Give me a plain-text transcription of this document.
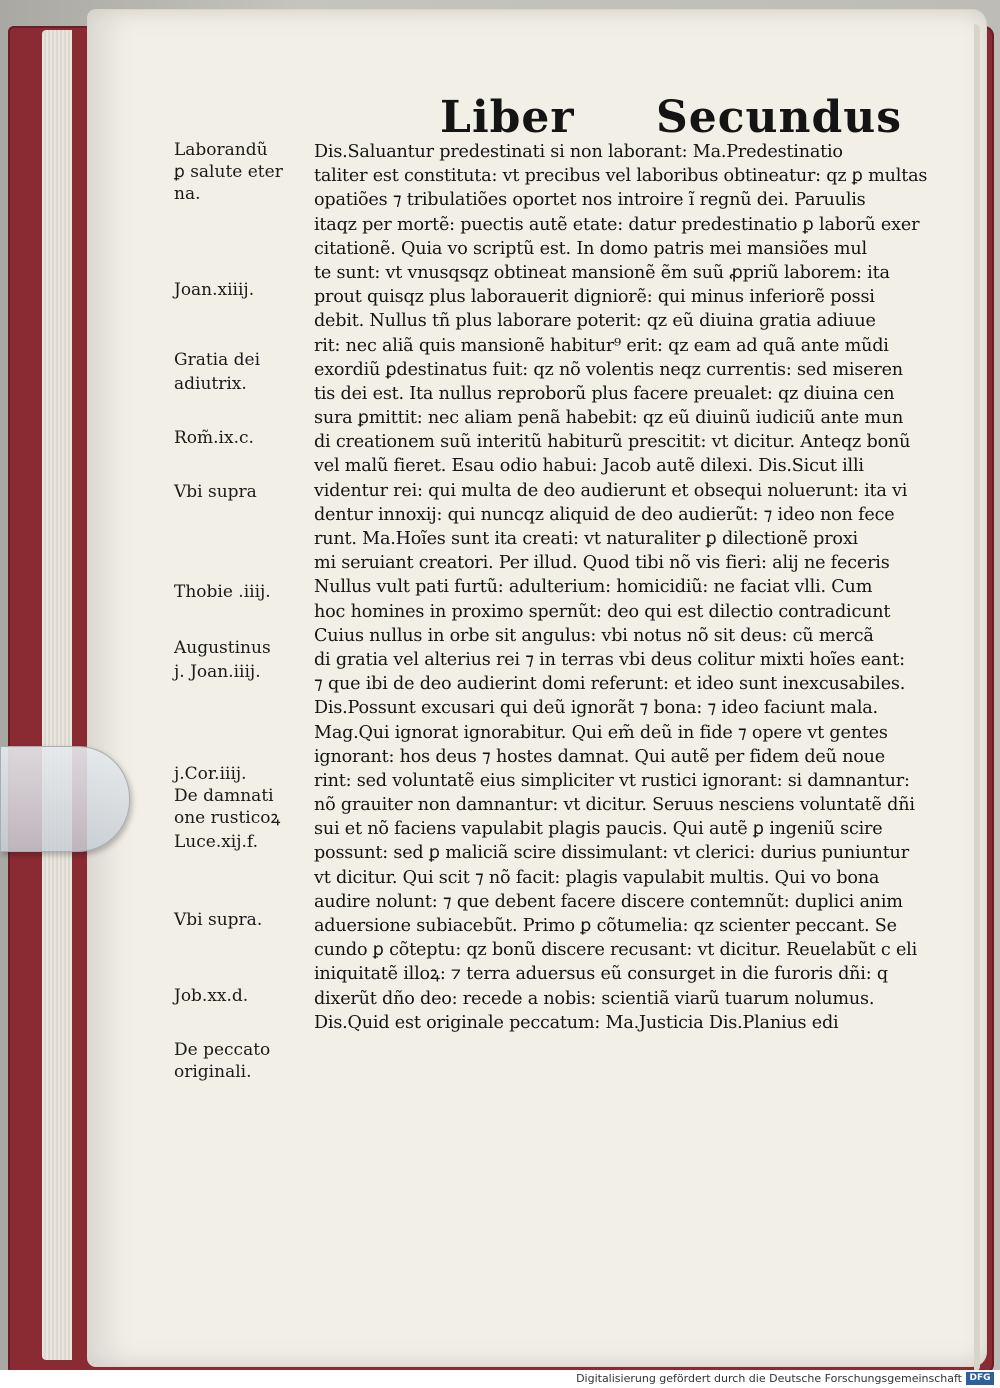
Liber Secundus
Laborandũ
ꝑ salute eter
na.
Joan.xiiij.
Gratia dei
adiutrix.
Rom̃.ix.c.
Vbi supra
Thobie .iiij.
Augustinus
j. Joan.iiij.
j.Cor.iiij.
De damnati
one rusticoꝝ
Luce.xij.f.
Vbi supra.
Job.xx.d.
De peccato
originali.
Dis.Saluantur predestinati si non laborant: Ma.Predestinatio
taliter est constituta: vt precibus vel laboribus obtineatur: qz ꝑ multas
opatiões ⁊ tribulatiões oportet nos introire ĩ regnũ dei. Paruulis
itaqz per mortẽ: puectis autẽ etate: datur predestinatio ꝑ laborũ exer
citationẽ. Quia vo scriptũ est. In domo patris mei mansiões mul
te sunt: vt vnusqsqz obtineat mansionẽ ẽm suũ ꝓpriũ laborem: ita
prout quisqz plus laborauerit digniorẽ: qui minus inferiorẽ possi
debit. Nullus tñ plus laborare poterit: qz eũ diuina gratia adiuue
rit: nec aliã quis mansionẽ habitur⁹ erit: qz eam ad quã ante mũdi
exordiũ ꝑdestinatus fuit: qz nõ volentis neqz currentis: sed miseren
tis dei est. Ita nullus reproborũ plus facere preualet: qz diuina cen
sura ꝑmittit: nec aliam penã habebit: qz eũ diuinũ iudiciũ ante mun
di creationem suũ interitũ habiturũ prescitit: vt dicitur. Anteqz bonũ
vel malũ fieret. Esau odio habui: Jacob autẽ dilexi. Dis.Sicut illi
videntur rei: qui multa de deo audierunt et obsequi noluerunt: ita vi
dentur innoxij: qui nuncqz aliquid de deo audierũt: ⁊ ideo non fece
runt. Ma.Hoĩes sunt ita creati: vt naturaliter ꝑ dilectionẽ proxi
mi seruiant creatori. Per illud. Quod tibi nõ vis fieri: alij ne feceris
Nullus vult pati furtũ: adulterium: homicidiũ: ne faciat vlli. Cum
hoc homines in proximo spernũt: deo qui est dilectio contradicunt
Cuius nullus in orbe sit angulus: vbi notus nõ sit deus: cũ mercã
di gratia vel alterius rei ⁊ in terras vbi deus colitur mixti hoĩes eant:
⁊ que ibi de deo audierint domi referunt: et ideo sunt inexcusabiles.
Dis.Possunt excusari qui deũ ignorãt ⁊ bona: ⁊ ideo faciunt mala.
Mag.Qui ignorat ignorabitur. Qui em̃ deũ in fide ⁊ opere vt gentes
ignorant: hos deus ⁊ hostes damnat. Qui autẽ per fidem deũ noue
rint: sed voluntatẽ eius simpliciter vt rustici ignorant: si damnantur:
nõ grauiter non damnantur: vt dicitur. Seruus nesciens voluntatẽ dñi
sui et nõ faciens vapulabit plagis paucis. Qui autẽ ꝑ ingeniũ scire
possunt: sed ꝑ maliciã scire dissimulant: vt clerici: durius puniuntur
vt dicitur. Qui scit ⁊ nõ facit: plagis vapulabit multis. Qui vo bona
audire nolunt: ⁊ que debent facere discere contemnũt: duplici anim
aduersione subiacebũt. Primo ꝑ cõtumelia: qz scienter peccant. Se
cundo ꝑ cõteptu: qz bonũ discere recusant: vt dicitur. Reuelabũt c eli
iniquitatẽ illoꝝ: ⁊ terra aduersus eũ consurget in die furoris dñi: q
dixerũt dño deo: recede a nobis: scientiã viarũ tuarum nolumus.
Dis.Quid est originale peccatum: Ma.Justicia Dis.Planius edi
Digitalisierung gefördert durch die Deutsche Forschungsgemeinschaft DFG
